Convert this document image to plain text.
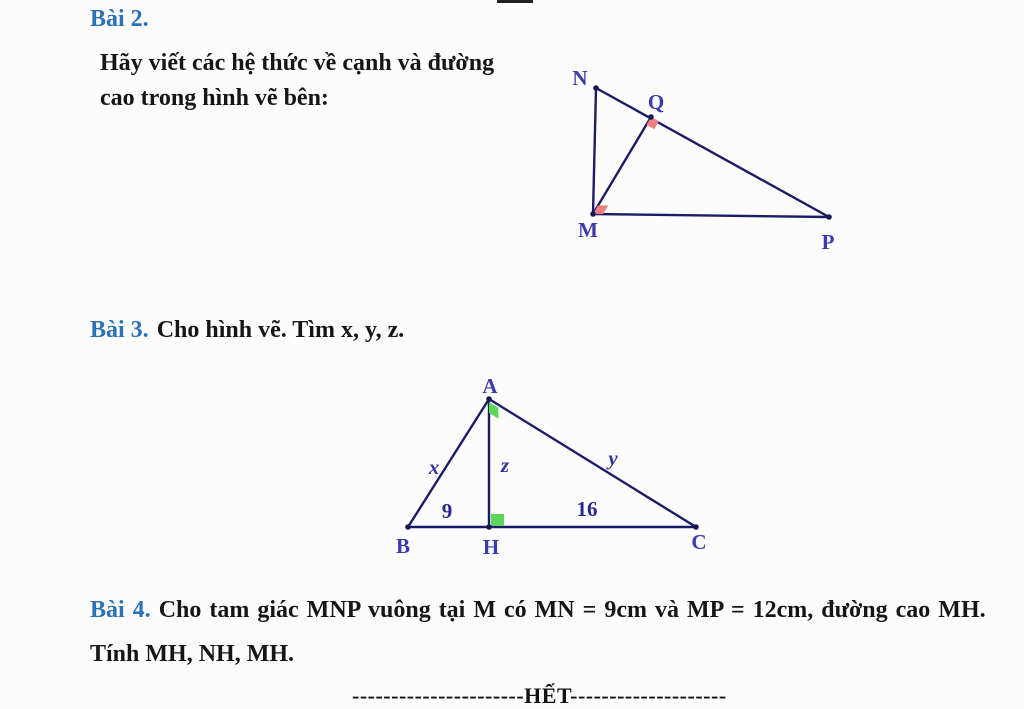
Bài 2.
Hãy viết các hệ thức về cạnh và đường
cao trong hình vẽ bên:
N
Q
M	P
Bài 3. Cho hình vẽ. Tìm x, y, z.
A
B	H	C
x	z	y
9	16
Bài 4. Cho tam giác MNP vuông tại M có MN = 9cm và MP = 12cm, đường cao MH.
Tính MH, NH, MH.
----------------------HẾT--------------------
